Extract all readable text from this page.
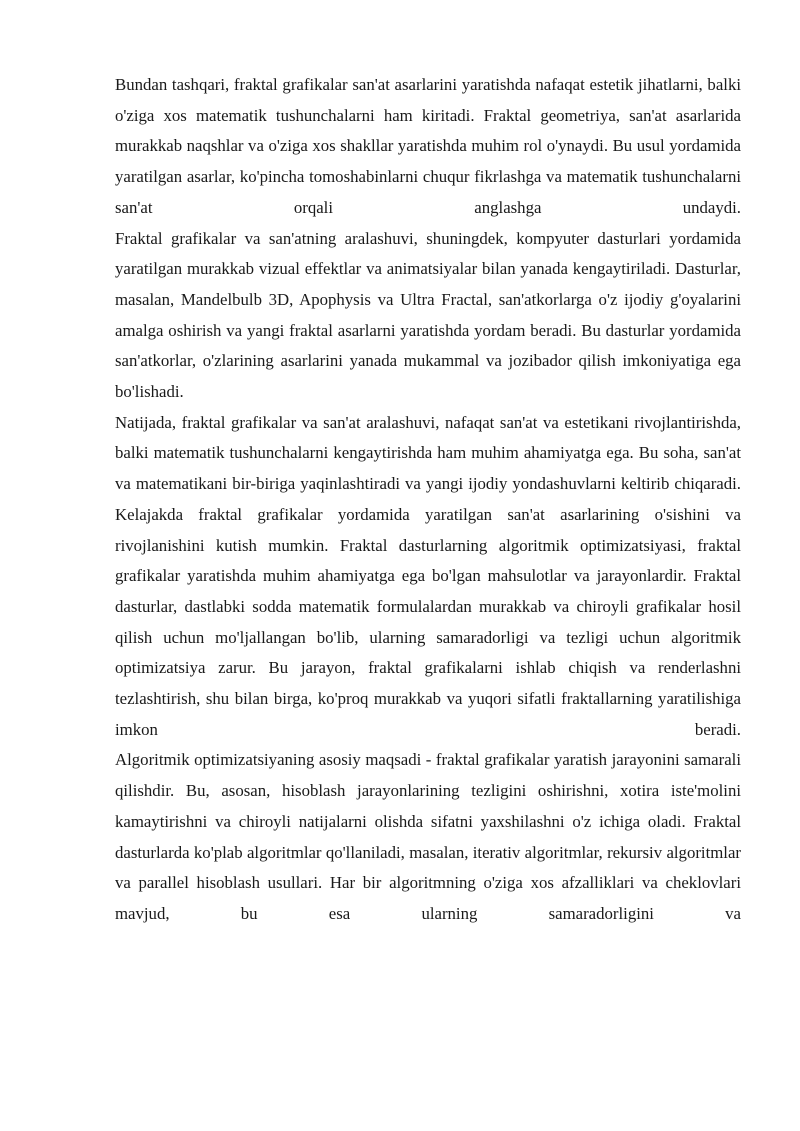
Bundan tashqari, fraktal grafikalar san'at asarlarini yaratishda nafaqat estetik jihatlarni, balki o'ziga xos matematik tushunchalarni ham kiritadi. Fraktal geometriya, san'at asarlarida murakkab naqshlar va o'ziga xos shakllar yaratishda muhim rol o'ynaydi. Bu usul yordamida yaratilgan asarlar, ko'pincha tomoshabinlarni chuqur fikrlashga va matematik tushunchalarni san'at orqali anglashga undaydi.

Fraktal grafikalar va san'atning aralashuvi, shuningdek, kompyuter dasturlari yordamida yaratilgan murakkab vizual effektlar va animatsiyalar bilan yanada kengaytiriladi. Dasturlar, masalan, Mandelbulb 3D, Apophysis va Ultra Fractal, san'atkorlarga o'z ijodiy g'oyalarini amalga oshirish va yangi fraktal asarlarni yaratishda yordam beradi. Bu dasturlar yordamida san'atkorlar, o'zlarining asarlarini yanada mukammal va jozibador qilish imkoniyatiga ega bo'lishadi.

Natijada, fraktal grafikalar va san'at aralashuvi, nafaqat san'at va estetikani rivojlantirishda, balki matematik tushunchalarni kengaytirishda ham muhim ahamiyatga ega. Bu soha, san'at va matematikani bir-biriga yaqinlashtiradi va yangi ijodiy yondashuvlarni keltirib chiqaradi. Kelajakda fraktal grafikalar yordamida yaratilgan san'at asarlarining o'sishini va rivojlanishini kutish mumkin. Fraktal dasturlarning algoritmik optimizatsiyasi, fraktal grafikalar yaratishda muhim ahamiyatga ega bo'lgan mahsulotlar va jarayonlardir. Fraktal dasturlar, dastlabki sodda matematik formulalardan murakkab va chiroyli grafikalar hosil qilish uchun mo'ljallangan bo'lib, ularning samaradorligi va tezligi uchun algoritmik optimizatsiya zarur. Bu jarayon, fraktal grafikalarni ishlab chiqish va renderlashni tezlashtirish, shu bilan birga, ko'proq murakkab va yuqori sifatli fraktallarning yaratilishiga imkon beradi.

Algoritmik optimizatsiyaning asosiy maqsadi - fraktal grafikalar yaratish jarayonini samarali qilishdir. Bu, asosan, hisoblash jarayonlarining tezligini oshirishni, xotira iste'molini kamaytirishni va chiroyli natijalarni olishda sifatni yaxshilashni o'z ichiga oladi. Fraktal dasturlarda ko'plab algoritmlar qo'llaniladi, masalan, iterativ algoritmlar, rekursiv algoritmlar va parallel hisoblash usullari. Har bir algoritmning o'ziga xos afzalliklari va cheklovlari mavjud, bu esa ularning samaradorligini va
